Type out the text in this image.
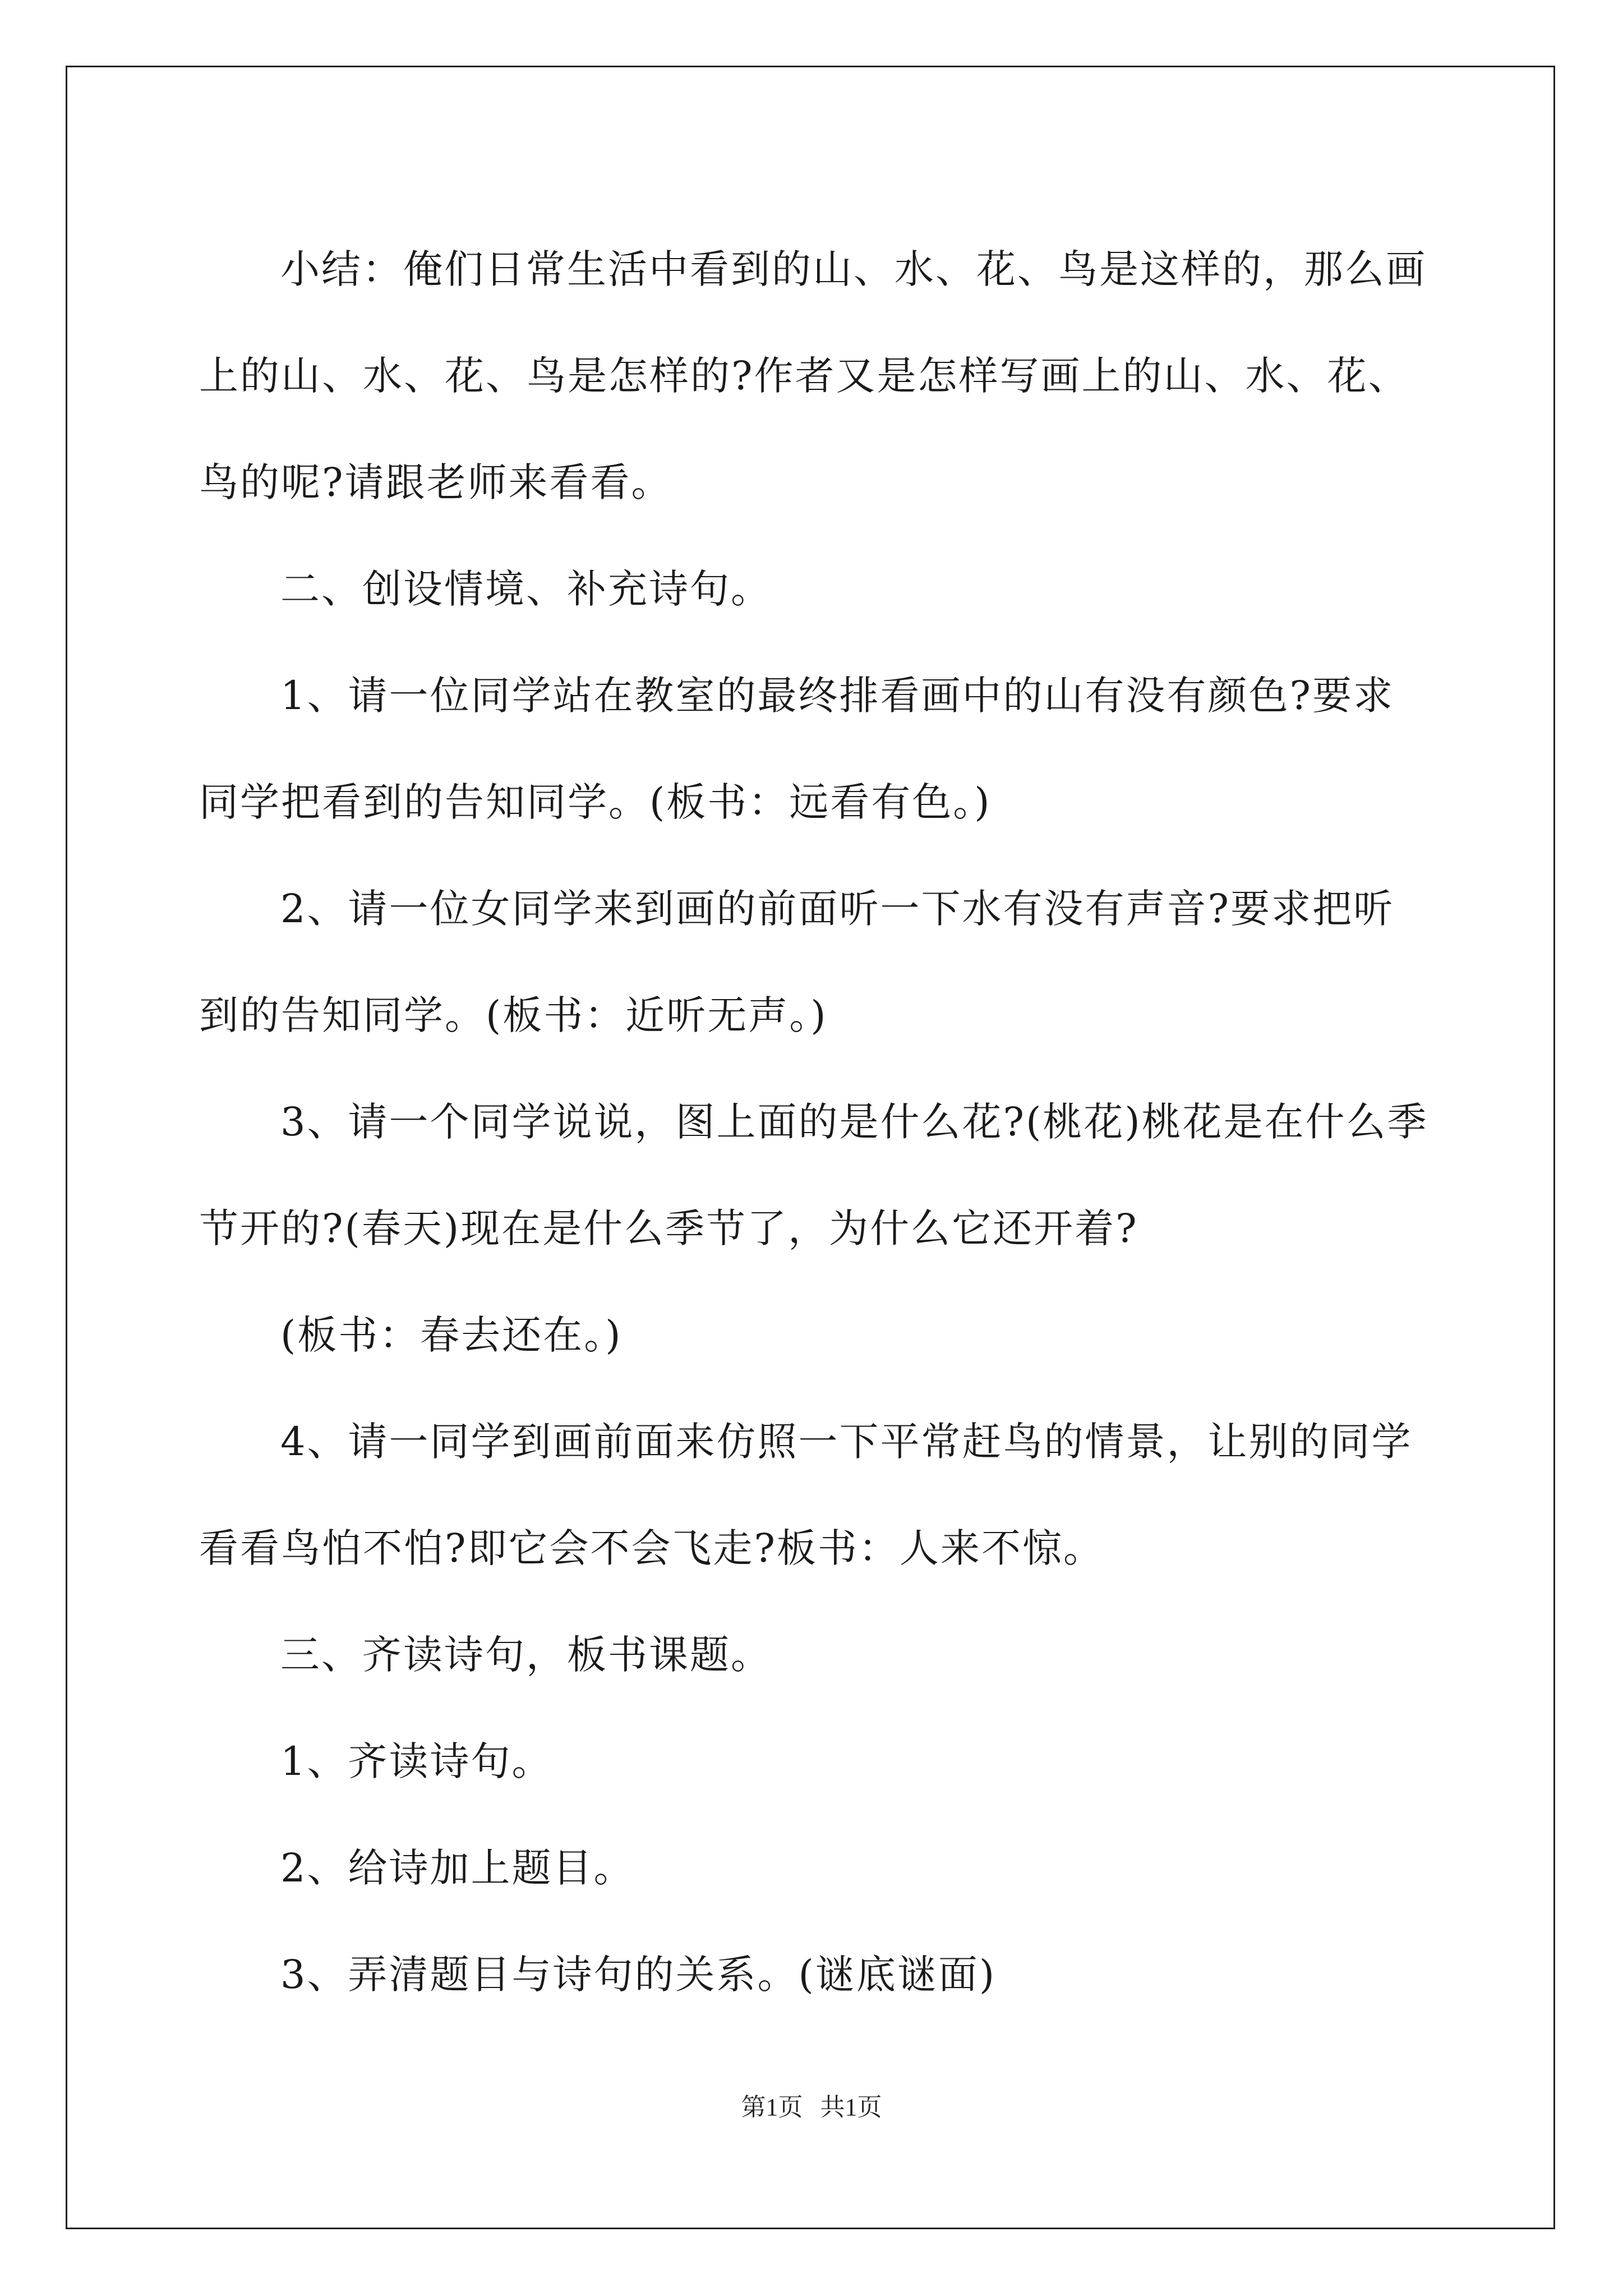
小结：俺们日常生活中看到的山、水、花、鸟是这样的，那么画上的山、水、花、鸟是怎样的?作者又是怎样写画上的山、水、花、鸟的呢?请跟老师来看看。

二、创设情境、补充诗句。

1、请一位同学站在教室的最终排看画中的山有没有颜色?要求同学把看到的告知同学。(板书：远看有色。)

2、请一位女同学来到画的前面听一下水有没有声音?要求把听到的告知同学。(板书：近听无声。)

3、请一个同学说说，图上面的是什么花?(桃花)桃花是在什么季节开的?(春天)现在是什么季节了，为什么它还开着?

(板书：春去还在。)

4、请一同学到画前面来仿照一下平常赶鸟的情景，让别的同学看看鸟怕不怕?即它会不会飞走?板书：人来不惊。

三、齐读诗句，板书课题。

1、齐读诗句。

2、给诗加上题目。

3、弄清题目与诗句的关系。(谜底谜面)

第1页 共1页
